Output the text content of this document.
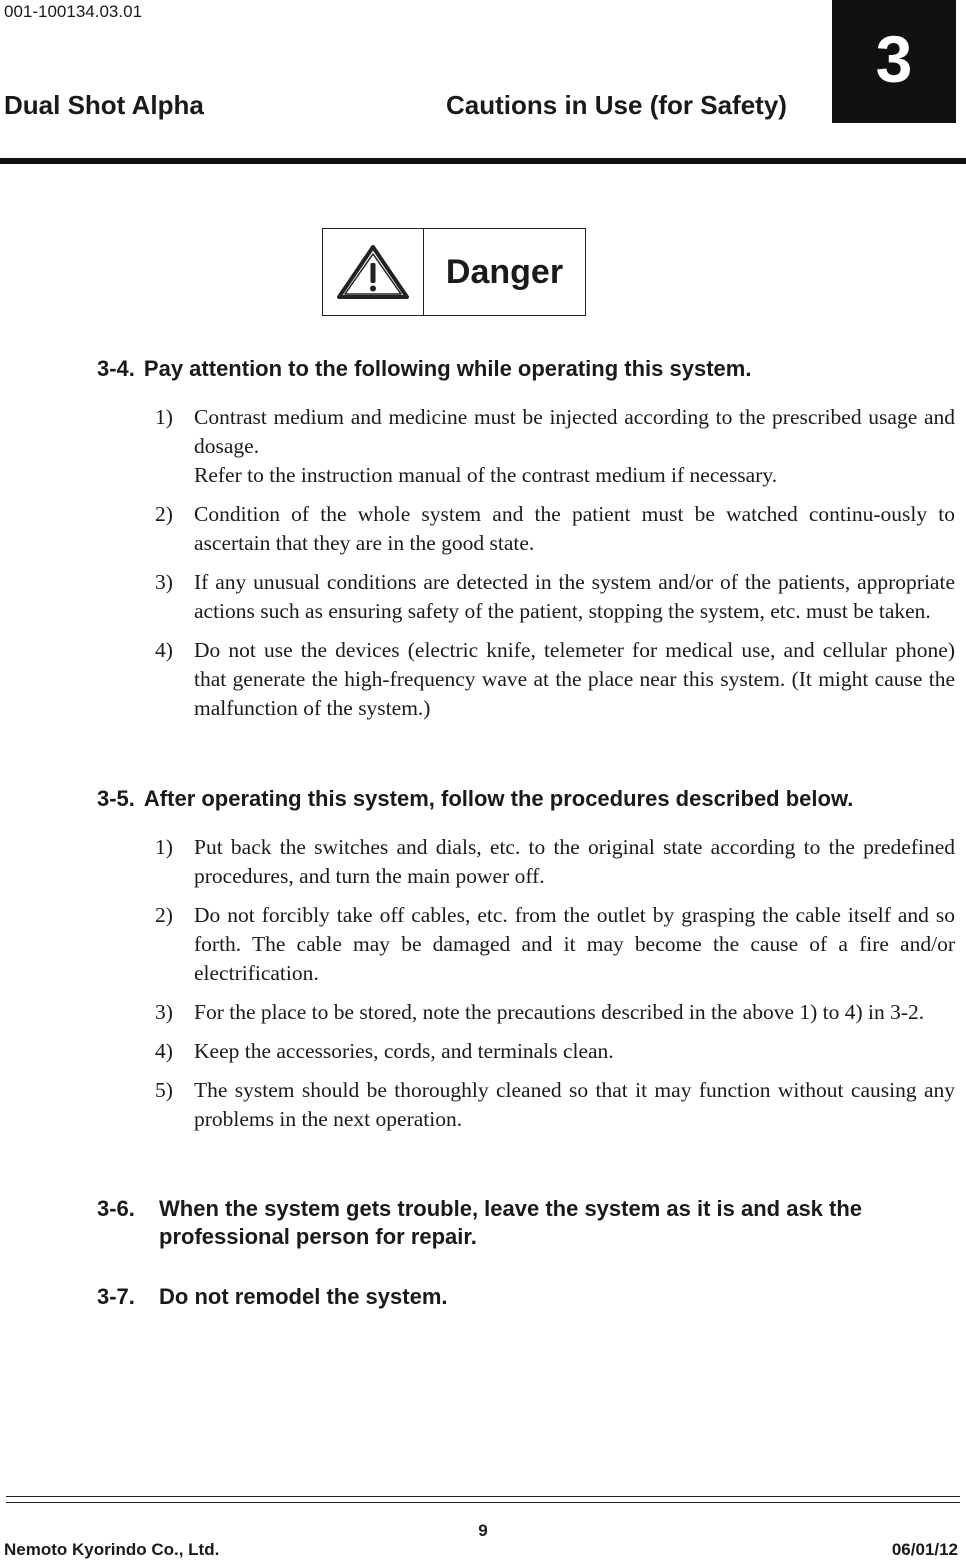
001-100134.03.01
Dual Shot Alpha	Cautions in Use (for Safety)
3
Danger
3-4. Pay attention to the following while operating this system.
1) Contrast medium and medicine must be injected according to the prescribed usage and dosage.
Refer to the instruction manual of the contrast medium if necessary.
2) Condition of the whole system and the patient must be watched continu-ously to ascertain that they are in the good state.
3) If any unusual conditions are detected in the system and/or of the patients, appropriate actions such as ensuring safety of the patient, stopping the system, etc. must be taken.
4) Do not use the devices (electric knife, telemeter for medical use, and cellular phone) that generate the high-frequency wave at the place near this system. (It might cause the malfunction of the system.)
3-5. After operating this system, follow the procedures described below.
1) Put back the switches and dials, etc. to the original state according to the predefined procedures, and turn the main power off.
2) Do not forcibly take off cables, etc. from the outlet by grasping the cable itself and so forth. The cable may be damaged and it may become the cause of a fire and/or electrification.
3) For the place to be stored, note the precautions described in the above 1) to 4) in 3-2.
4) Keep the accessories, cords, and terminals clean.
5) The system should be thoroughly cleaned so that it may function without causing any problems in the next operation.
3-6. When the system gets trouble, leave the system as it is and ask the professional person for repair.
3-7. Do not remodel the system.
9
Nemoto Kyorindo Co., Ltd.	06/01/12
